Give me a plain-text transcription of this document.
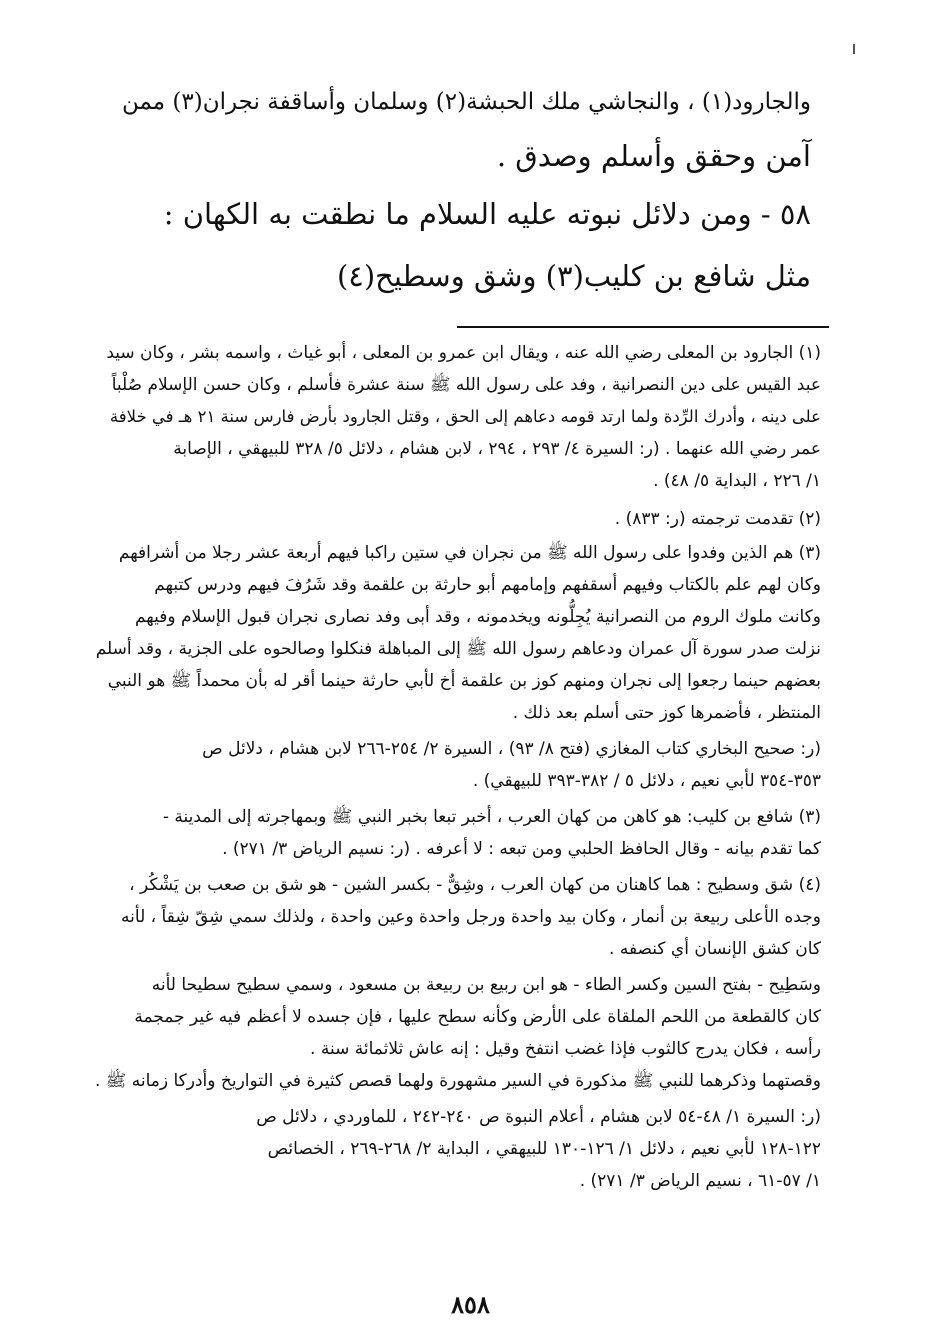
والجارود(١) ، والنجاشي ملك الحبشة(٢) وسلمان وأساقفة نجران(٣) ممن
آمن وحقق وأسلم وصدق .
٥٨ - ومن دلائل نبوته عليه السلام ما نطقت به الكهان :
مثل شافع بن كليب(٣) وشق وسطيح(٤)
(١) الجارود بن المعلى رضي الله عنه ، ويقال ابن عمرو بن المعلى ، أبو غياث ، واسمه بشر ، وكان سيد
عبد القيس على دين النصرانية ، وفد على رسول الله ﷺ سنة عشرة فأسلم ، وكان حسن الإسلام صُلْباً
على دينه ، وأدرك الرِّدة ولما ارتد قومه دعاهم إلى الحق ، وقتل الجارود بأرض فارس سنة ٢١ هـ في خلافة
عمر رضي الله عنهما . (ر: السيرة ٤/ ٢٩٣ ، ٢٩٤ ، لابن هشام ، دلائل ٥/ ٣٢٨ للبيهقي ، الإصابة
١/ ٢٢٦ ، البداية ٥/ ٤٨) .
(٢) تقدمت ترجمته (ر: ٨٣٣) .
(٣) هم الذين وفدوا على رسول الله ﷺ من نجران في ستين راكبا فيهم أربعة عشر رجلا من أشرافهم
وكان لهم علم بالكتاب وفيهم أسقفهم وإمامهم أبو حارثة بن علقمة وقد شَرُفَ فيهم ودرس كتبهم
وكانت ملوك الروم من النصرانية يُجِلُّونه ويخدمونه ، وقد أبى وفد نصارى نجران قبول الإسلام وفيهم
نزلت صدر سورة آل عمران ودعاهم رسول الله ﷺ إلى المباهلة فنكلوا وصالحوه على الجزية ، وقد أسلم
بعضهم حينما رجعوا إلى نجران ومنهم كوز بن علقمة أخ لأبي حارثة حينما أقر له بأن محمداً ﷺ هو النبي
المنتظر ، فأضمرها كوز حتى أسلم بعد ذلك .
(ر: صحيح البخاري كتاب المغازي (فتح ٨/ ٩٣) ، السيرة ٢/ ٢٥٤-٢٦٦ لابن هشام ، دلائل ص
٣٥٣-٣٥٤ لأبي نعيم ، دلائل ٥ / ٣٨٢-٣٩٣ للبيهقي) .
(٣) شافع بن كليب: هو كاهن من كهان العرب ، أخبر تبعا بخبر النبي ﷺ وبمهاجرته إلى المدينة -
كما تقدم بيانه - وقال الحافظ الحلبي ومن تبعه : لا أعرفه . (ر: نسيم الرياض ٣/ ٢٧١) .
(٤) شق وسطيح : هما كاهنان من كهان العرب ، وشِقٌّ - بكسر الشين - هو شق بن صعب بن يَشْكُر ،
وجده الأعلى ربيعة بن أنمار ، وكان بيد واحدة ورجل واحدة وعين واحدة ، ولذلك سمي شِقّ شِقاً ، لأنه
كان كشق الإنسان أي كنصفه .
وسَطِيح - بفتح السين وكسر الطاء - هو ابن ربيع بن ربيعة بن مسعود ، وسمي سطيح سطيحا لأنه
كان كالقطعة من اللحم الملقاة على الأرض وكأنه سطح عليها ، فإن جسده لا أعظم فيه غير جمجمة
رأسه ، فكان يدرج كالثوب فإذا غضب انتفخ وقيل : إنه عاش ثلاثمائة سنة .
وقصتهما وذكرهما للنبي ﷺ مذكورة في السير مشهورة ولهما قصص كثيرة في التواريخ وأدركا زمانه ﷺ .
(ر: السيرة ١/ ٤٨-٥٤ لابن هشام ، أعلام النبوة ص ٢٤٠-٢٤٢ ، للماوردي ، دلائل ص
١٢٢-١٢٨ لأبي نعيم ، دلائل ١/ ١٢٦-١٣٠ للبيهقي ، البداية ٢/ ٢٦٨-٢٦٩ ، الخصائص
١/ ٥٧-٦١ ، نسيم الرياض ٣/ ٢٧١) .
٨٥٨
